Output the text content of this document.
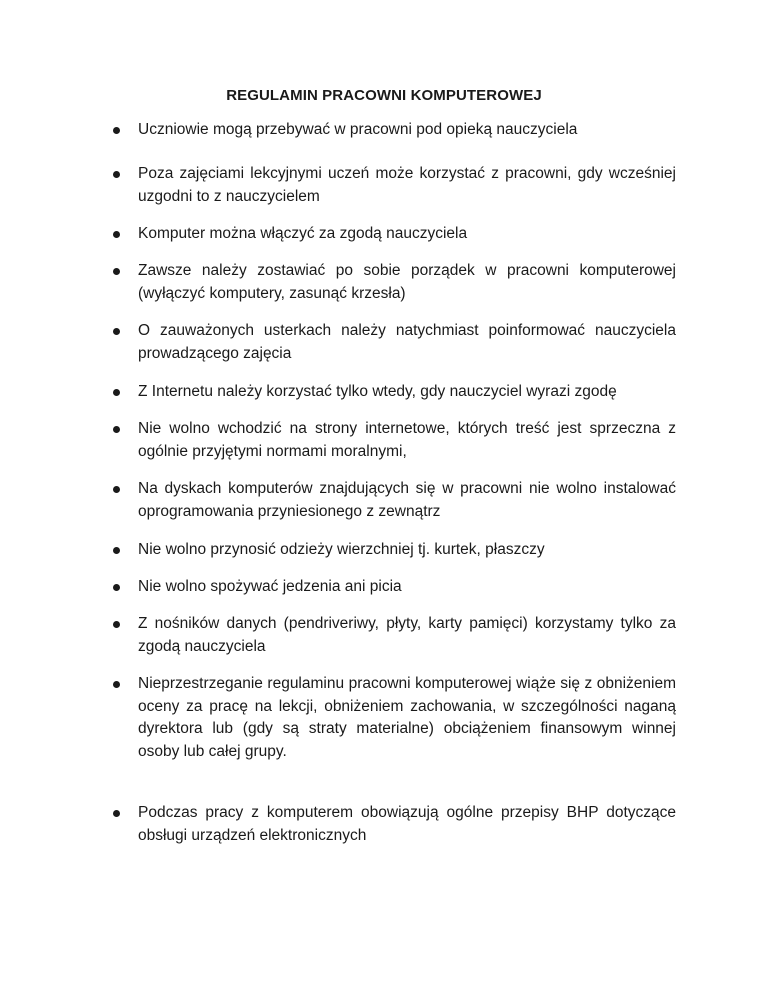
REGULAMIN PRACOWNI KOMPUTEROWEJ

Uczniowie mogą przebywać w pracowni pod opieką nauczyciela

Poza zajęciami lekcyjnymi uczeń może korzystać z pracowni, gdy wcześniej uzgodni to z nauczycielem

Komputer można włączyć za zgodą nauczyciela

Zawsze należy zostawiać po sobie porządek w pracowni komputerowej (wyłączyć komputery, zasunąć krzesła)

O zauważonych usterkach należy natychmiast poinformować nauczyciela prowadzącego zajęcia

Z Internetu należy korzystać tylko wtedy, gdy nauczyciel wyrazi zgodę

Nie wolno wchodzić na strony internetowe, których treść jest sprzeczna z ogólnie przyjętymi normami moralnymi,

Na dyskach komputerów znajdujących się w pracowni nie wolno instalować oprogramowania przyniesionego z zewnątrz

Nie wolno przynosić odzieży wierzchniej tj. kurtek, płaszczy

Nie wolno spożywać jedzenia ani picia

Z nośników danych (pendriveriwy, płyty, karty pamięci) korzystamy tylko za zgodą nauczyciela

Nieprzestrzeganie regulaminu pracowni komputerowej wiąże się z obniżeniem oceny za pracę na lekcji, obniżeniem zachowania, w szczególności naganą dyrektora lub (gdy są straty materialne) obciążeniem finansowym winnej osoby lub całej grupy.

Podczas pracy z komputerem obowiązują ogólne przepisy BHP dotyczące obsługi urządzeń elektronicznych
